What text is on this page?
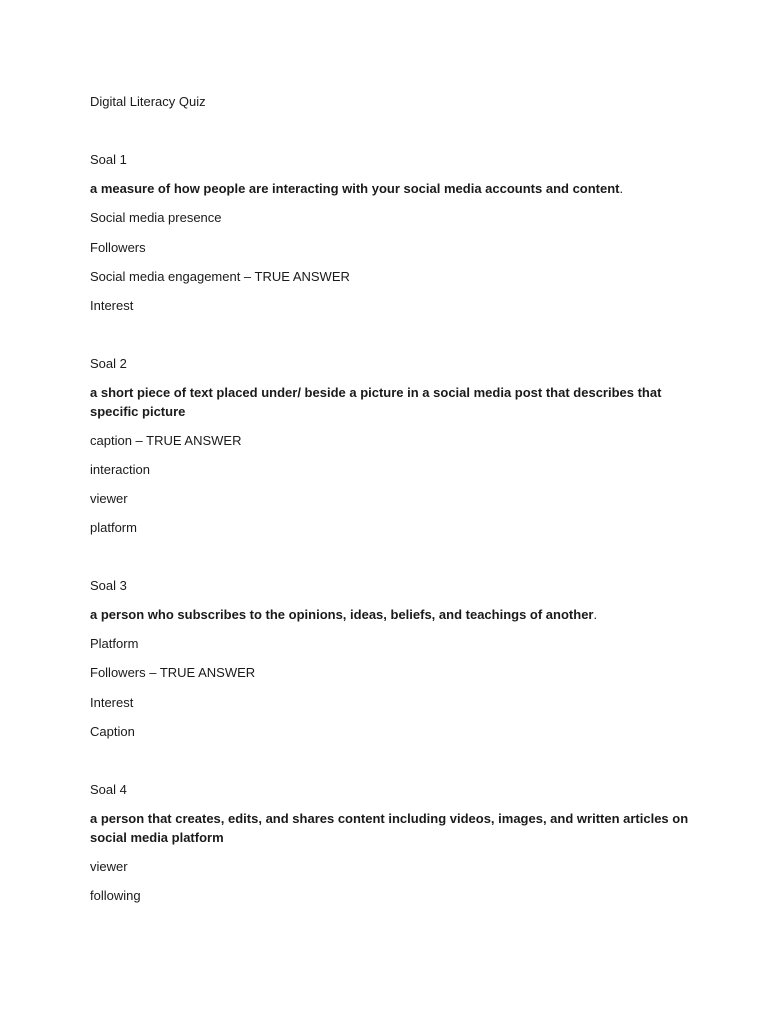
Digital Literacy Quiz

Soal 1

a measure of how people are interacting with your social media accounts and content.

Social media presence

Followers

Social media engagement – TRUE ANSWER

Interest

Soal 2

a short piece of text placed under/ beside a picture in a social media post that describes that specific picture

caption – TRUE ANSWER

interaction

viewer

platform

Soal 3

a person who subscribes to the opinions, ideas, beliefs, and teachings of another.

Platform

Followers – TRUE ANSWER

Interest

Caption

Soal 4

a person that creates, edits, and shares content including videos, images, and written articles on social media platform

viewer

following
